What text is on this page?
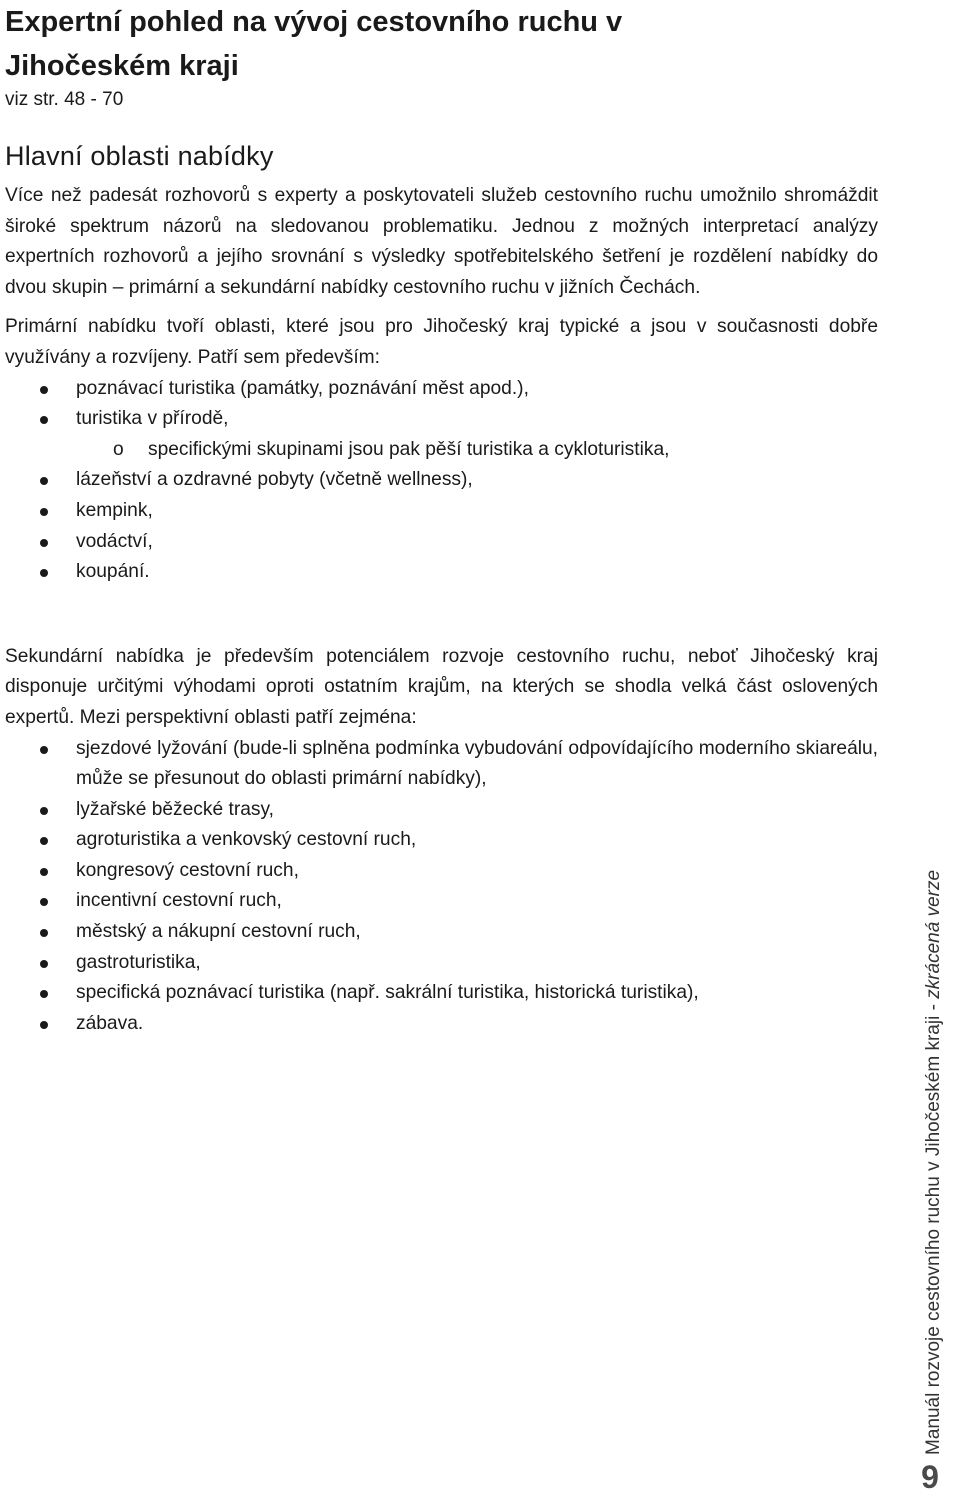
Expertní pohled na vývoj cestovního ruchu v
Jihočeském kraji

viz str. 48 - 70

Hlavní oblasti nabídky

Více než padesát rozhovorů s experty a poskytovateli služeb cestovního ruchu umožnilo shromáždit široké spektrum názorů na sledovanou problematiku. Jednou z možných interpretací analýzy expertních rozhovorů a jejího srovnání s výsledky spotřebitelského šetření je rozdělení nabídky do dvou skupin – primární a sekundární nabídky cestovního ruchu v jižních Čechách.

Primární nabídku tvoří oblasti, které jsou pro Jihočeský kraj typické a jsou v současnosti dobře využívány a rozvíjeny. Patří sem především:

poznávací turistika (památky, poznávání měst apod.),
turistika v přírodě,
o specifickými skupinami jsou pak pěší turistika a cykloturistika,
lázeňství a ozdravné pobyty (včetně wellness),
kempink,
vodáctví,
koupání.

Sekundární nabídka je především potenciálem rozvoje cestovního ruchu, neboť Jihočeský kraj disponuje určitými výhodami oproti ostatním krajům, na kterých se shodla velká část oslovených expertů. Mezi perspektivní oblasti patří zejména:

sjezdové lyžování (bude-li splněna podmínka vybudování odpovídajícího moderního skiareálu, může se přesunout do oblasti primární nabídky),
lyžařské běžecké trasy,
agroturistika a venkovský cestovní ruch,
kongresový cestovní ruch,
incentivní cestovní ruch,
městský a nákupní cestovní ruch,
gastroturistika,
specifická poznávací turistika (např. sakrální turistika, historická turistika),
zábava.	Manuál rozvoje cestovního ruchu v Jihočeském kraji - zkrácená verze
9
